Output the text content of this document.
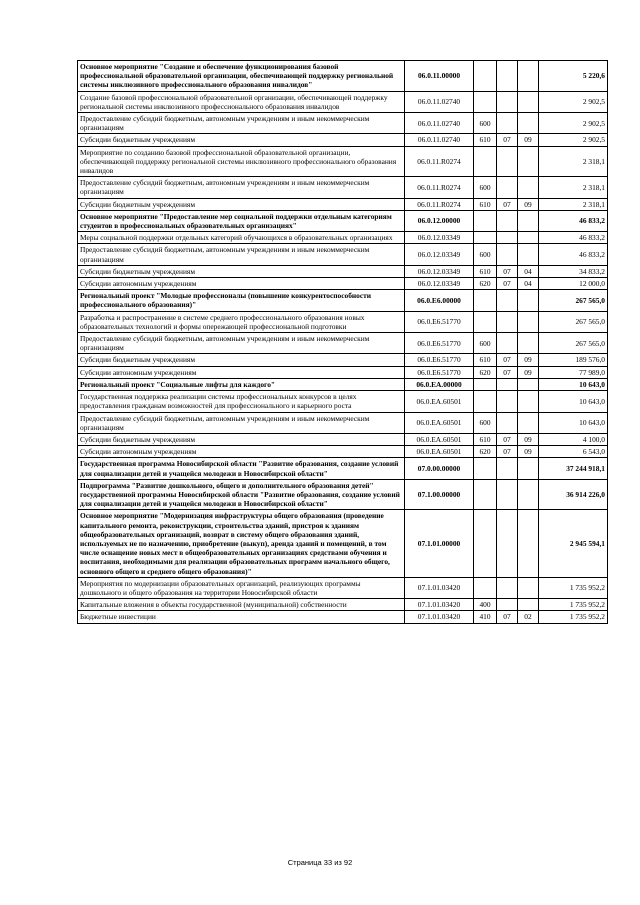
Основное мероприятие "Создание и обеспечение функционирования базовой профессиональной образовательной организации, обеспечивающей поддержку региональной системы инклюзивного профессионального образования инвалидов"	06.0.11.00000				5 220,6
Создание базовой профессиональной образовательной организации, обеспечивающей поддержку региональной системы инклюзивного профессионального образования инвалидов	06.0.11.02740				2 902,5
Предоставление субсидий бюджетным, автономным учреждениям и иным некоммерческим организациям	06.0.11.02740	600			2 902,5
Субсидии бюджетным учреждениям	06.0.11.02740	610	07	09	2 902,5
Мероприятие по созданию базовой профессиональной образовательной организации, обеспечивающей поддержку региональной системы инклюзивного профессионального образования инвалидов	06.0.11.R0274				2 318,1
Предоставление субсидий бюджетным, автономным учреждениям и иным некоммерческим организациям	06.0.11.R0274	600			2 318,1
Субсидии бюджетным учреждениям	06.0.11.R0274	610	07	09	2 318,1
Основное мероприятие "Предоставление мер социальной поддержки отдельным категориям студентов в профессиональных образовательных организациях"	06.0.12.00000				46 833,2
Меры социальной поддержки отдельных категорий обучающихся в образовательных организациях	06.0.12.03349				46 833,2
Предоставление субсидий бюджетным, автономным учреждениям и иным некоммерческим организациям	06.0.12.03349	600			46 833,2
Субсидии бюджетным учреждениям	06.0.12.03349	610	07	04	34 833,2
Субсидии автономным учреждениям	06.0.12.03349	620	07	04	12 000,0
Региональный проект "Молодые профессионалы (повышение конкурентоспособности профессионального образования)"	06.0.E6.00000				267 565,0
Разработка и распространение в системе среднего профессионального образования новых образовательных технологий и формы опережающей профессиональной подготовки	06.0.E6.51770				267 565,0
Предоставление субсидий бюджетным, автономным учреждениям и иным некоммерческим организациям	06.0.E6.51770	600			267 565,0
Субсидии бюджетным учреждениям	06.0.E6.51770	610	07	09	189 576,0
Субсидии автономным учреждениям	06.0.E6.51770	620	07	09	77 989,0
Региональный проект "Социальные лифты для каждого"	06.0.EA.00000				10 643,0
Государственная поддержка реализации системы профессиональных конкурсов в целях предоставления гражданам возможностей для профессионального и карьерного роста	06.0.EA.60501				10 643,0
Предоставление субсидий бюджетным, автономным учреждениям и иным некоммерческим организациям	06.0.EA.60501	600			10 643,0
Субсидии бюджетным учреждениям	06.0.EA.60501	610	07	09	4 100,0
Субсидии автономным учреждениям	06.0.EA.60501	620	07	09	6 543,0
Государственная программа Новосибирской области "Развитие образования, создание условий для социализации детей и учащейся молодежи в Новосибирской области"	07.0.00.00000				37 244 918,1
Подпрограмма "Развитие дошкольного, общего и дополнительного образования детей" государственной программы Новосибирской области "Развитие образования, создание условий для социализации детей и учащейся молодежи в Новосибирской области"	07.1.00.00000				36 914 226,0
Основное мероприятие "Модернизация инфраструктуры общего образования (проведение капитального ремонта, реконструкции, строительства зданий, пристроя к зданиям общеобразовательных организаций, возврат в систему общего образования зданий, используемых не по назначению, приобретение (выкуп), аренда зданий и помещений, в том числе оснащение новых мест в общеобразовательных организациях средствами обучения и воспитания, необходимыми для реализации образовательных программ начального общего, основного общего и среднего общего образования)"	07.1.01.00000				2 945 594,1
Мероприятия по модернизации образовательных организаций, реализующих программы дошкольного и общего образования на территории Новосибирской области	07.1.01.03420				1 735 952,2
Капитальные вложения в объекты государственной (муниципальной) собственности	07.1.01.03420	400			1 735 952,2
Бюджетные инвестиции	07.1.01.03420	410	07	02	1 735 952,2
Страница 33 из 92
